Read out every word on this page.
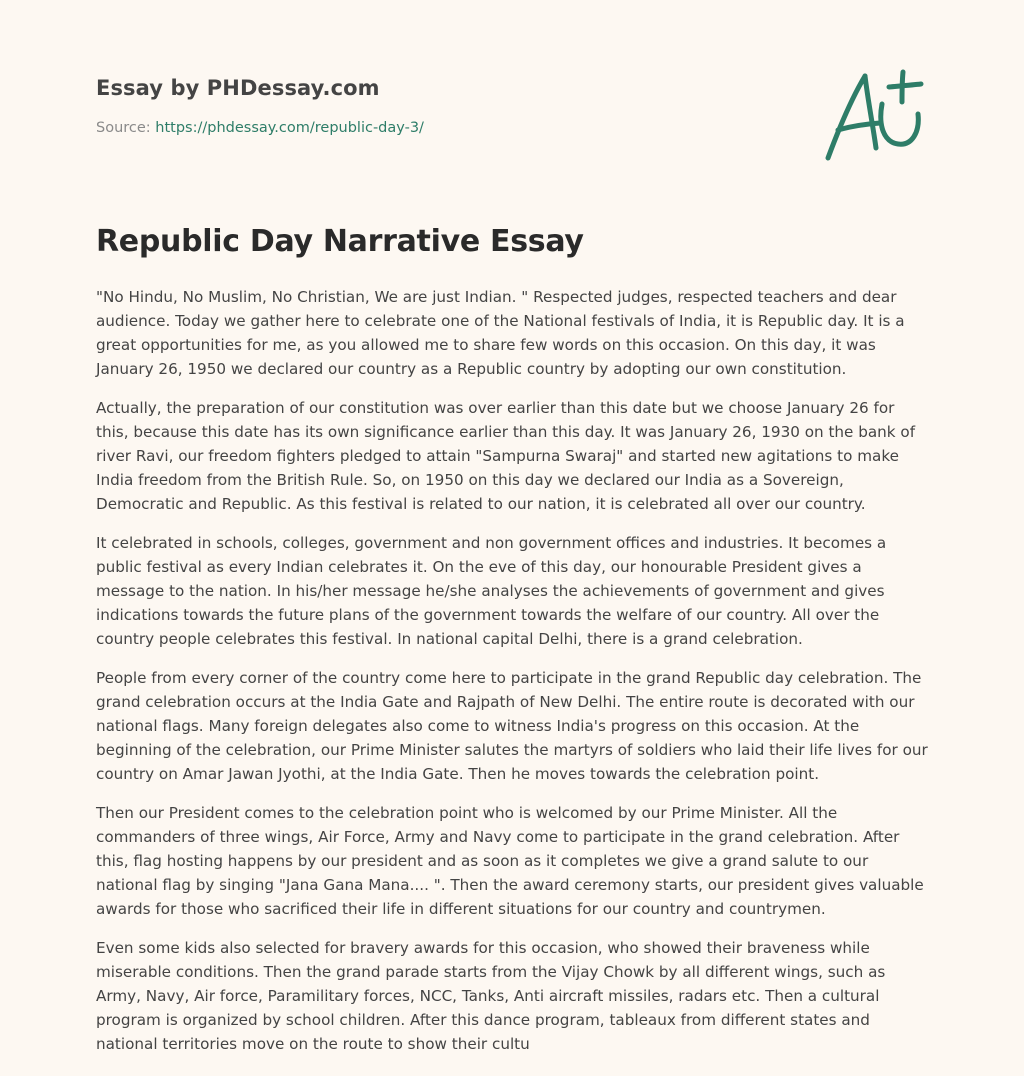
Essay by PHDessay.com
Source: https://phdessay.com/republic-day-3/
Republic Day Narrative Essay

"No Hindu, No Muslim, No Christian, We are just Indian. " Respected judges, respected teachers and dear audience. Today we gather here to celebrate one of the National festivals of India, it is Republic day. It is a great opportunities for me, as you allowed me to share few words on this occasion. On this day, it was January 26, 1950 we declared our country as a Republic country by adopting our own constitution.

Actually, the preparation of our constitution was over earlier than this date but we choose January 26 for this, because this date has its own significance earlier than this day. It was January 26, 1930 on the bank of river Ravi, our freedom fighters pledged to attain "Sampurna Swaraj" and started new agitations to make India freedom from the British Rule. So, on 1950 on this day we declared our India as a Sovereign, Democratic and Republic. As this festival is related to our nation, it is celebrated all over our country.

It celebrated in schools, colleges, government and non government offices and industries. It becomes a public festival as every Indian celebrates it. On the eve of this day, our honourable President gives a message to the nation. In his/her message he/she analyses the achievements of government and gives indications towards the future plans of the government towards the welfare of our country. All over the country people celebrates this festival. In national capital Delhi, there is a grand celebration.

People from every corner of the country come here to participate in the grand Republic day celebration. The grand celebration occurs at the India Gate and Rajpath of New Delhi. The entire route is decorated with our national flags. Many foreign delegates also come to witness India's progress on this occasion. At the beginning of the celebration, our Prime Minister salutes the martyrs of soldiers who laid their life lives for our country on Amar Jawan Jyothi, at the India Gate. Then he moves towards the celebration point.

Then our President comes to the celebration point who is welcomed by our Prime Minister. All the commanders of three wings, Air Force, Army and Navy come to participate in the grand celebration. After this, flag hosting happens by our president and as soon as it completes we give a grand salute to our national flag by singing "Jana Gana Mana.... ". Then the award ceremony starts, our president gives valuable awards for those who sacrificed their life in different situations for our country and countrymen.

Even some kids also selected for bravery awards for this occasion, who showed their braveness while miserable conditions. Then the grand parade starts from the Vijay Chowk by all different wings, such as Army, Navy, Air force, Paramilitary forces, NCC, Tanks, Anti aircraft missiles, radars etc. Then a cultural program is organized by school children. After this dance program, tableaux from different states and national territories move on the route to show their cultu
